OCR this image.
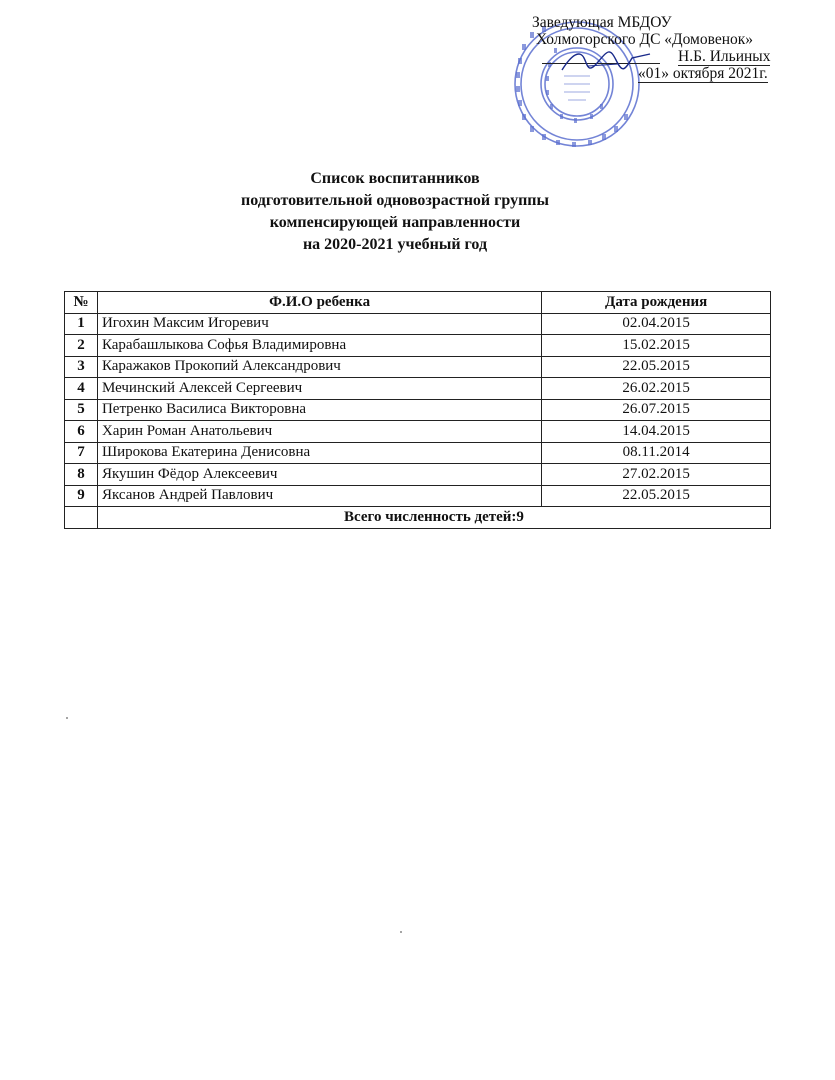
Заведующая МБДОУ
Холмогорского ДС «Домовенок»
Н.Б. Ильиных
«01» октября 2021г.
Список воспитанников
подготовительной одновозрастной группы
компенсирующей направленности
на 2020-2021 учебный год
№	Ф.И.О ребенка	Дата рождения
1	Игохин Максим Игоревич	02.04.2015
2	Карабашлыкова Софья Владимировна	15.02.2015
3	Каражаков Прокопий Александрович	22.05.2015
4	Мечинский Алексей Сергеевич	26.02.2015
5	Петренко Василиса Викторовна	26.07.2015
6	Харин Роман Анатольевич	14.04.2015
7	Широкова Екатерина Денисовна	08.11.2014
8	Якушин Фёдор Алексеевич	27.02.2015
9	Яксанов Андрей Павлович	22.05.2015
	Всего численность детей:9	
